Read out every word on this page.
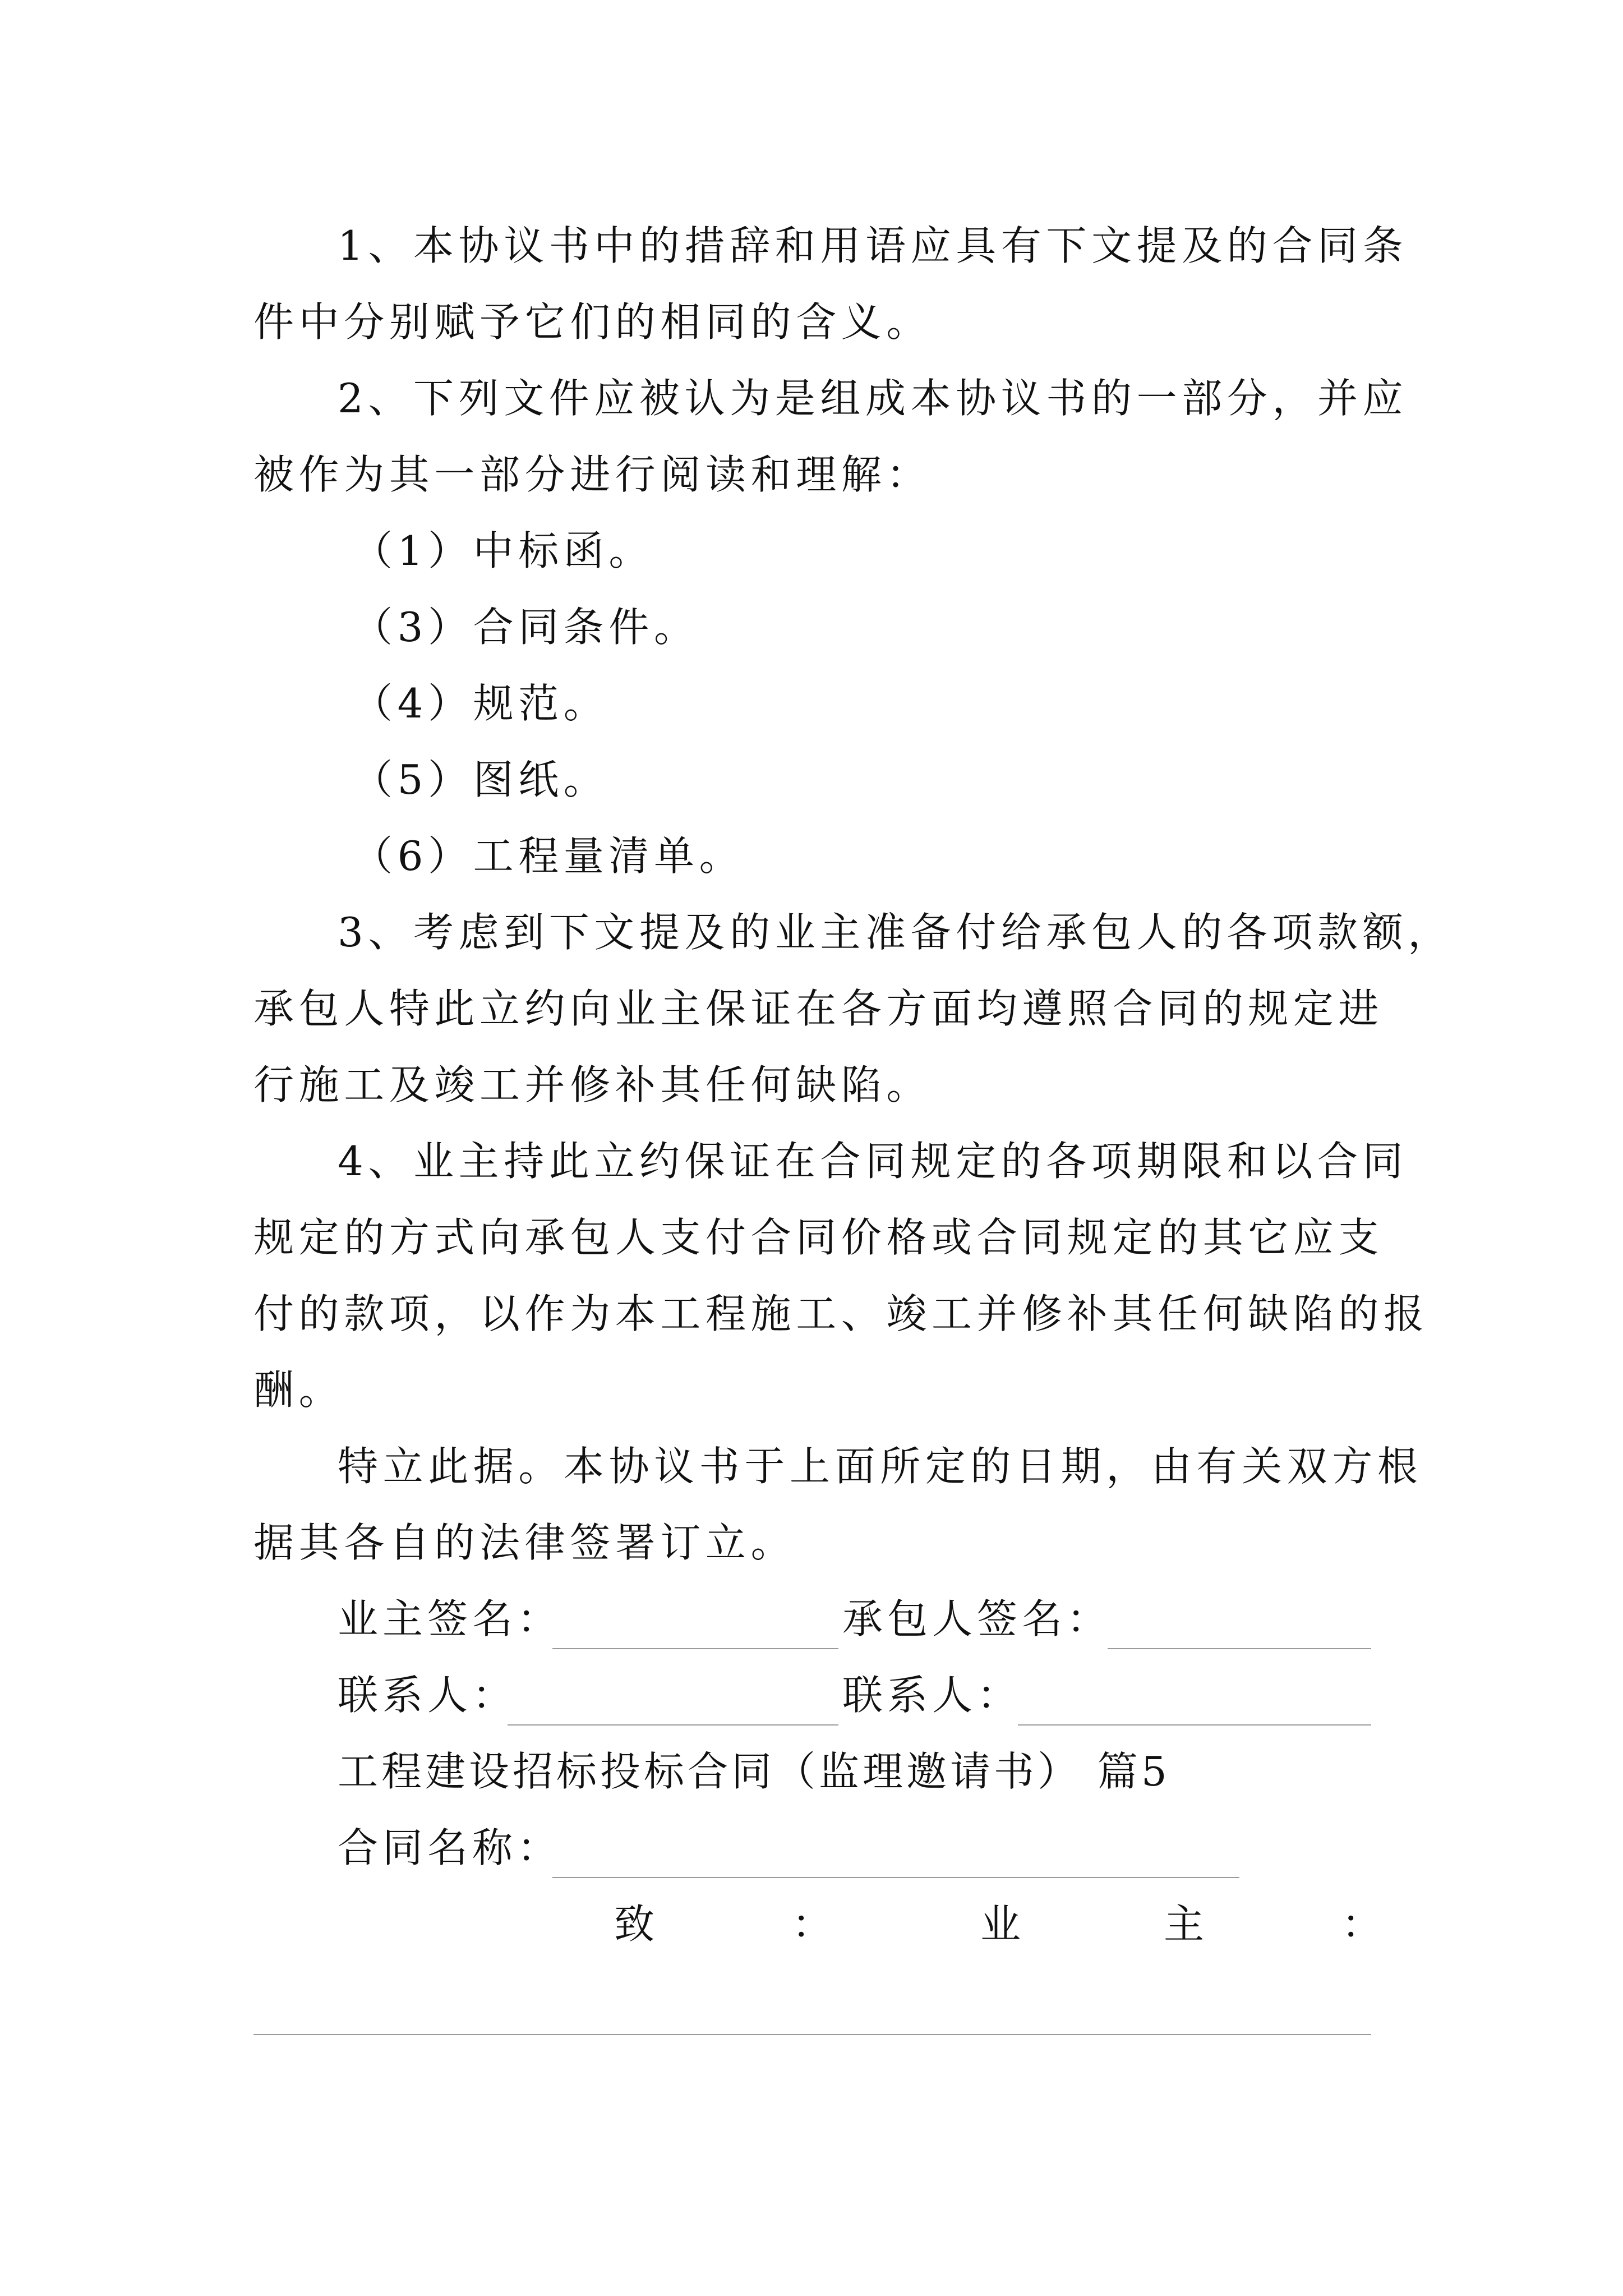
1、本协议书中的措辞和用语应具有下文提及的合同条
件中分别赋予它们的相同的含义。
2、下列文件应被认为是组成本协议书的一部分，并应
被作为其一部分进行阅读和理解：
（1）中标函。
（3）合同条件。
（4）规范。
（5）图纸。
（6）工程量清单。
3、考虑到下文提及的业主准备付给承包人的各项款额，
承包人特此立约向业主保证在各方面均遵照合同的规定进
行施工及竣工并修补其任何缺陷。
4、业主持此立约保证在合同规定的各项期限和以合同
规定的方式向承包人支付合同价格或合同规定的其它应支
付的款项，以作为本工程施工、竣工并修补其任何缺陷的报
酬。
特立此据。本协议书于上面所定的日期，由有关双方根
据其各自的法律签署订立。
业主签名：	承包人签名：
联系人：	联系人：
工程建设招标投标合同（监理邀请书） 篇5
合同名称：
致	：	业	主	：
